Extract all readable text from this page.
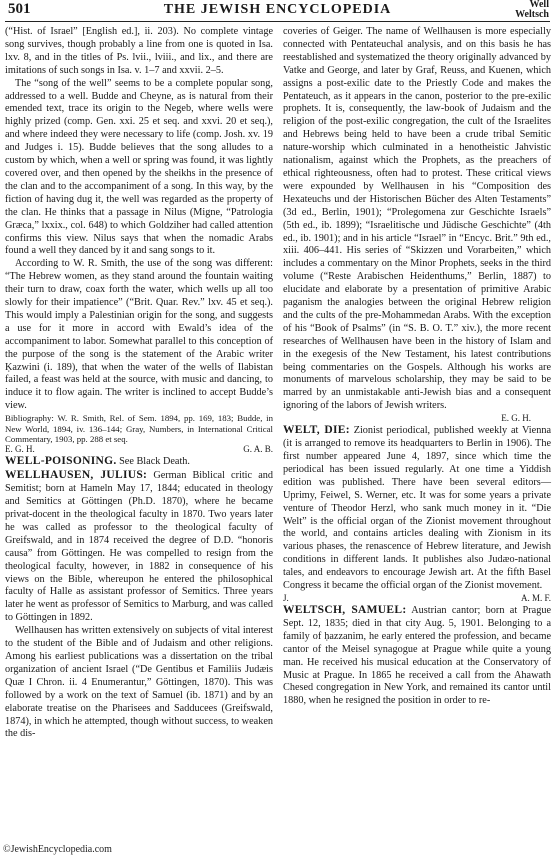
501	THE JEWISH ENCYCLOPEDIA	Well
Weltsch

(“Hist. of Israel” [English ed.], ii. 203). No complete vintage song survives, though probably a line from one is quoted in Isa. lxv. 8, and in the titles of Ps. lvii., lviii., and lix., and there are imitations of such songs in Isa. v. 1–7 and xxvii. 2–5.

The “song of the well” seems to be a complete popular song, addressed to a well. Budde and Cheyne, as is natural from their emended text, trace its origin to the Negeb, where wells were highly prized (comp. Gen. xxi. 25 et seq. and xxvi. 20 et seq.), and where indeed they were necessary to life (comp. Josh. xv. 19 and Judges i. 15). Budde believes that the song alludes to a custom by which, when a well or spring was found, it was lightly covered over, and then opened by the sheikhs in the presence of the clan and to the accompaniment of a song. In this way, by the fiction of having dug it, the well was regarded as the property of the clan. He thinks that a passage in Nilus (Migne, “Patrologia Græca,” lxxix., col. 648) to which Goldziher had called attention confirms this view. Nilus says that when the nomadic Arabs found a well they danced by it and sang songs to it.

According to W. R. Smith, the use of the song was different: “The Hebrew women, as they stand around the fountain waiting their turn to draw, coax forth the water, which wells up all too slowly for their impatience” (“Brit. Quar. Rev.” lxv. 45 et seq.). This would imply a Palestinian origin for the song, and suggests a use for it more in accord with Ewald’s idea of the accompaniment to labor. Somewhat parallel to this conception of the purpose of the song is the statement of the Arabic writer Ḳazwini (i. 189), that when the water of the wells of Ilabistan failed, a feast was held at the source, with music and dancing, to induce it to flow again. The writer is inclined to accept Budde’s view.

Bibliography: W. R. Smith, Rel. of Sem. 1894, pp. 169, 183; Budde, in New World, 1894, iv. 136–144; Gray, Numbers, in International Critical Commentary, 1903, pp. 288 et seq.

E. G. H.	G. A. B.

WELL-POISONING. See Black Death.

WELLHAUSEN, JULIUS: German Biblical critic and Semitist; born at Hameln May 17, 1844; educated in theology and Semitics at Göttingen (Ph.D. 1870), where he became privat-docent in the theological faculty in 1870. Two years later he was called as professor to the theological faculty of Greifswald, and in 1874 received the degree of D.D. “honoris causa” from Göttingen. He was compelled to resign from the theological faculty, however, in 1882 in consequence of his views on the Bible, whereupon he entered the philosophical faculty of Halle as assistant professor of Semitics. Three years later he went as professor of Semitics to Marburg, and was called to Göttingen in 1892.

Wellhausen has written extensively on subjects of vital interest to the student of the Bible and of Judaism and other religions. Among his earliest publications was a dissertation on the tribal organization of ancient Israel (“De Gentibus et Familiis Judæis Quæ I Chron. ii. 4 Enumerantur,” Göttingen, 1870). This was followed by a work on the text of Samuel (ib. 1871) and by an elaborate treatise on the Pharisees and Sadducees (Greifswald, 1874), in which he attempted, though without success, to weaken the dis-

coveries of Geiger. The name of Wellhausen is more especially connected with Pentateuchal analysis, and on this basis he has reestablished and systematized the theory originally advanced by Vatke and George, and later by Graf, Reuss, and Kuenen, which assigns a post-exilic date to the Priestly Code and makes the Pentateuch, as it appears in the canon, posterior to the pre-exilic prophets. It is, consequently, the law-book of Judaism and the religion of the post-exilic congregation, the cult of the Israelites and Hebrews being held to have been a crude tribal Semitic nature-worship which culminated in a henotheistic Jahvistic nationalism, against which the Prophets, as the preachers of ethical righteousness, often had to protest. These critical views were expounded by Wellhausen in his “Composition des Hexateuchs und der Historischen Bücher des Alten Testaments” (3d ed., Berlin, 1901); “Prolegomena zur Geschichte Israels” (5th ed., ib. 1899); “Israelitische und Jüdische Geschichte” (4th ed., ib. 1901); and in his article “Israel” in “Encyc. Brit.” 9th ed., xiii. 406–441. His series of “Skizzen und Vorarbeiten,” which includes a commentary on the Minor Prophets, seeks in the third volume (“Reste Arabischen Heidenthums,” Berlin, 1887) to elucidate and elaborate by a presentation of primitive Arabic paganism the analogies between the original Hebrew religion and the cults of the pre-Mohammedan Arabs. With the exception of his “Book of Psalms” (in “S. B. O. T.” xiv.), the more recent researches of Wellhausen have been in the history of Islam and in the exegesis of the New Testament, his latest contributions being commentaries on the Gospels. Although his works are monuments of marvelous scholarship, they may be said to be marred by an unmistakable anti-Jewish bias and a consequent ignoring of the labors of Jewish writers.

E. G. H.

WELT, DIE: Zionist periodical, published weekly at Vienna (it is arranged to remove its headquarters to Berlin in 1906). The first number appeared June 4, 1897, since which time the periodical has been issued regularly. At one time a Yiddish edition was published. There have been several editors—Uprimy, Feiwel, S. Werner, etc. It was for some years a private venture of Theodor Herzl, who sank much money in it. “Die Welt” is the official organ of the Zionist movement throughout the world, and contains articles dealing with Zionism in its various phases, the renascence of Hebrew literature, and Jewish conditions in different lands. It publishes also Judæo-national tales, and endeavors to encourage Jewish art. At the fifth Basel Congress it became the official organ of the Zionist movement.

J.	A. M. F.

WELTSCH, SAMUEL: Austrian cantor; born at Prague Sept. 12, 1835; died in that city Aug. 5, 1901. Belonging to a family of ḥazzanim, he early entered the profession, and became cantor of the Meisel synagogue at Prague while quite a young man. He received his musical education at the Conservatory of Music at Prague. In 1865 he received a call from the Ahawath Chesed congregation in New York, and remained its cantor until 1880, when he resigned the position in order to re-

©JewishEncyclopedia.com
